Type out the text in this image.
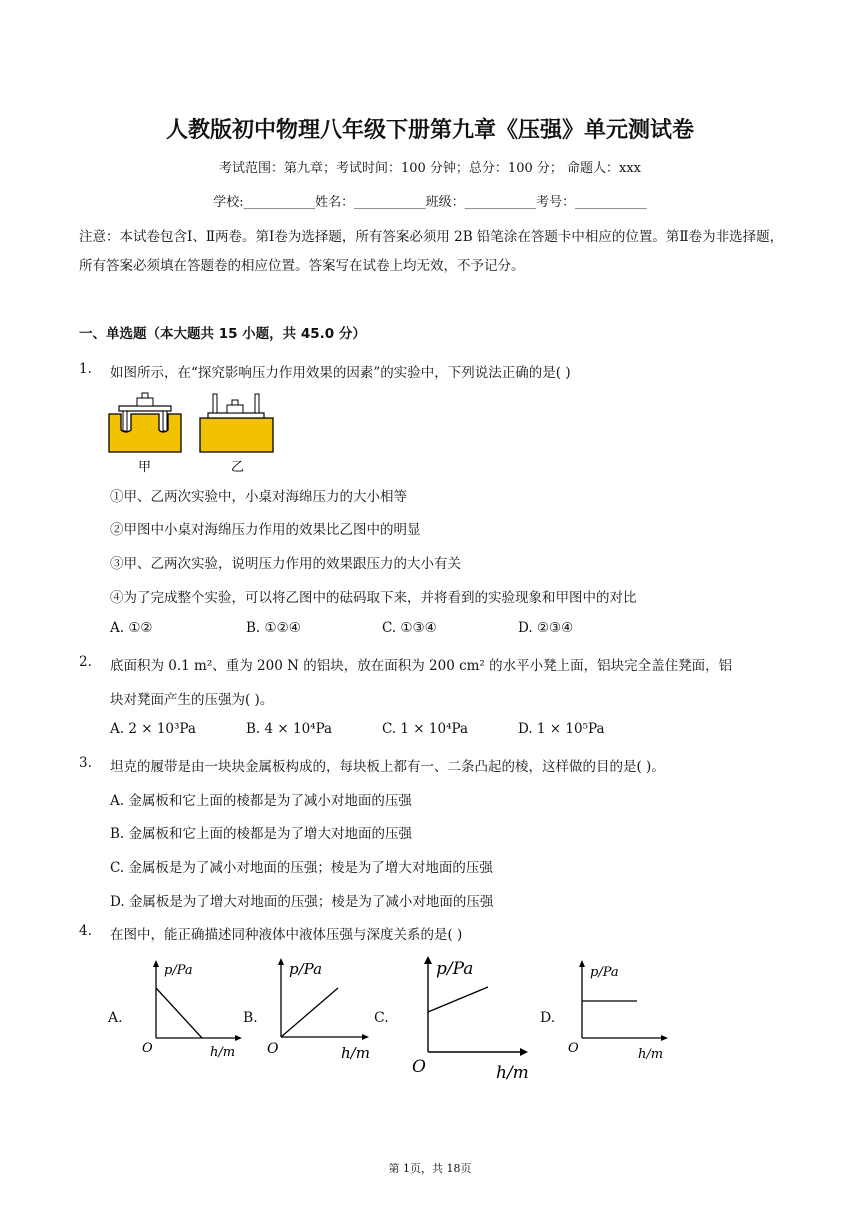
人教版初中物理八年级下册第九章《压强》单元测试卷
考试范围：第九章；考试时间：100 分钟；总分：100 分； 命题人：xxx
学校:___________姓名：___________班级：___________考号：___________
注意：本试卷包含Ⅰ、Ⅱ两卷。第Ⅰ卷为选择题，所有答案必须用 2B 铅笔涂在答题卡中相应的位置。第Ⅱ卷为非选择题，所有答案必须填在答题卷的相应位置。答案写在试卷上均无效，不予记分。
一、单选题（本大题共 15 小题，共 45.0 分）
1. 如图所示，在“探究影响压力作用效果的因素”的实验中，下列说法正确的是( )
甲	乙
①甲、乙两次实验中，小桌对海绵压力的大小相等
②甲图中小桌对海绵压力作用的效果比乙图中的明显
③甲、乙两次实验，说明压力作用的效果跟压力的大小有关
④为了完成整个实验，可以将乙图中的砝码取下来，并将看到的实验现象和甲图中的对比
A. ①②	B. ①②④	C. ①③④	D. ②③④
2. 底面积为 0.1 m²、重为 200 N 的铝块，放在面积为 200 cm² 的水平小凳上面，铝块完全盖住凳面，铝
块对凳面产生的压强为( )。
A. 2 × 10³Pa	B. 4 × 10⁴Pa	C. 1 × 10⁴Pa	D. 1 × 10⁵Pa
3. 坦克的履带是由一块块金属板构成的，每块板上都有一、二条凸起的棱，这样做的目的是( )。
A. 金属板和它上面的棱都是为了减小对地面的压强
B. 金属板和它上面的棱都是为了增大对地面的压强
C. 金属板是为了减小对地面的压强；棱是为了增大对地面的压强
D. 金属板是为了增大对地面的压强；棱是为了减小对地面的压强
4. 在图中，能正确描述同种液体中液体压强与深度关系的是( )
A.
p/Pa
O	h/m
B.
p/Pa
O	h/m
C.
p/Pa
O	h/m
D.
p/Pa
O	h/m
第 1页，共 18页
